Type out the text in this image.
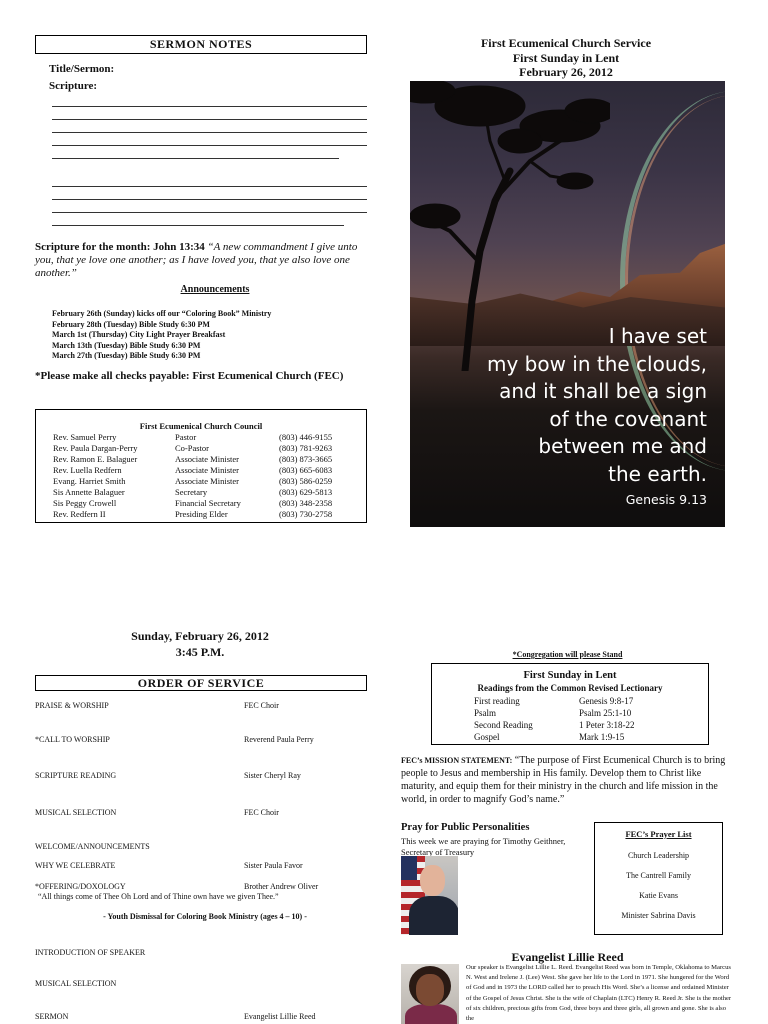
SERMON NOTES
Title/Sermon:
Scripture:
Scripture for the month: John 13:34 “A new commandment I give unto you, that ye love one another; as I have loved you, that ye also love one another.”
Announcements
February 26th (Sunday) kicks off our “Coloring Book” Ministry
February 28th (Tuesday) Bible Study 6:30 PM
March 1st (Thursday) City Light Prayer Breakfast
March 13th (Tuesday) Bible Study 6:30 PM
March 27th (Tuesday) Bible Study 6:30 PM
*Please make all checks payable: First Ecumenical Church (FEC)
First Ecumenical Church Council
Rev. Samuel Perry	Pastor	(803) 446-9155
Rev. Paula Dargan-Perry	Co-Pastor	(803) 781-9263
Rev. Ramon E. Balaguer	Associate Minister	(803) 873-3665
Rev. Luella Redfern	Associate Minister	(803) 665-6083
Evang. Harriet Smith	Associate Minister	(803) 586-0259
Sis Annette Balaguer	Secretary	(803) 629-5813
Sis Peggy Crowell	Financial Secretary	(803) 348-2358
Rev. Redfern II	Presiding Elder	(803) 730-2758
First Ecumenical Church Service
First Sunday in Lent
February 26, 2012
I have set
my bow in the clouds,
and it shall be a sign
of the covenant
between me and
the earth.
Genesis 9.13
Sunday, February 26, 2012
3:45 P.M.
ORDER OF SERVICE
PRAISE & WORSHIP	FEC Choir
*CALL TO WORSHIP	Reverend Paula Perry
SCRIPTURE READING	Sister Cheryl Ray
MUSICAL SELECTION	FEC Choir
WELCOME/ANNOUNCEMENTS
WHY WE CELEBRATE	Sister Paula Favor
*OFFERING/DOXOLOGY	Brother Andrew Oliver
“All things come of Thee Oh Lord and of Thine own have we given Thee.”
- Youth Dismissal for Coloring Book Ministry (ages 4 – 10) -
INTRODUCTION OF SPEAKER
MUSICAL SELECTION
SERMON	Evangelist Lillie Reed
*Congregation will please Stand
First Sunday in Lent
Readings from the Common Revised Lectionary
First reading	Genesis 9:8-17
Psalm	Psalm 25:1-10
Second Reading	1 Peter 3:18-22
Gospel	Mark 1:9-15
FEC’s MISSION STATEMENT: “The purpose of First Ecumenical Church is to bring people to Jesus and membership in His family. Develop them to Christ like maturity, and equip them for their ministry in the church and life mission in the world, in order to magnify God’s name.”
Pray for Public Personalities
This week we are praying for Timothy Geithner, Secretary of Treasury
FEC’s Prayer List
Church Leadership
The Cantrell Family
Katie Evans
Minister Sabrina Davis
Evangelist Lillie Reed
Our speaker is Evangelist Lillie L. Reed. Evangelist Reed was born in Temple, Oklahoma to Marcus N. West and Irelene J. (Lee) West. She gave her life to the Lord in 1971. She hungered for the Word of God and in 1973 the LORD called her to preach His Word. She’s a license and ordained Minister of the Gospel of Jesus Christ. She is the wife of Chaplain (LTC) Henry R. Reed Jr. She is the mother of six children, precious gifts from God, three boys and three girls, all grown and gone. She is also the
